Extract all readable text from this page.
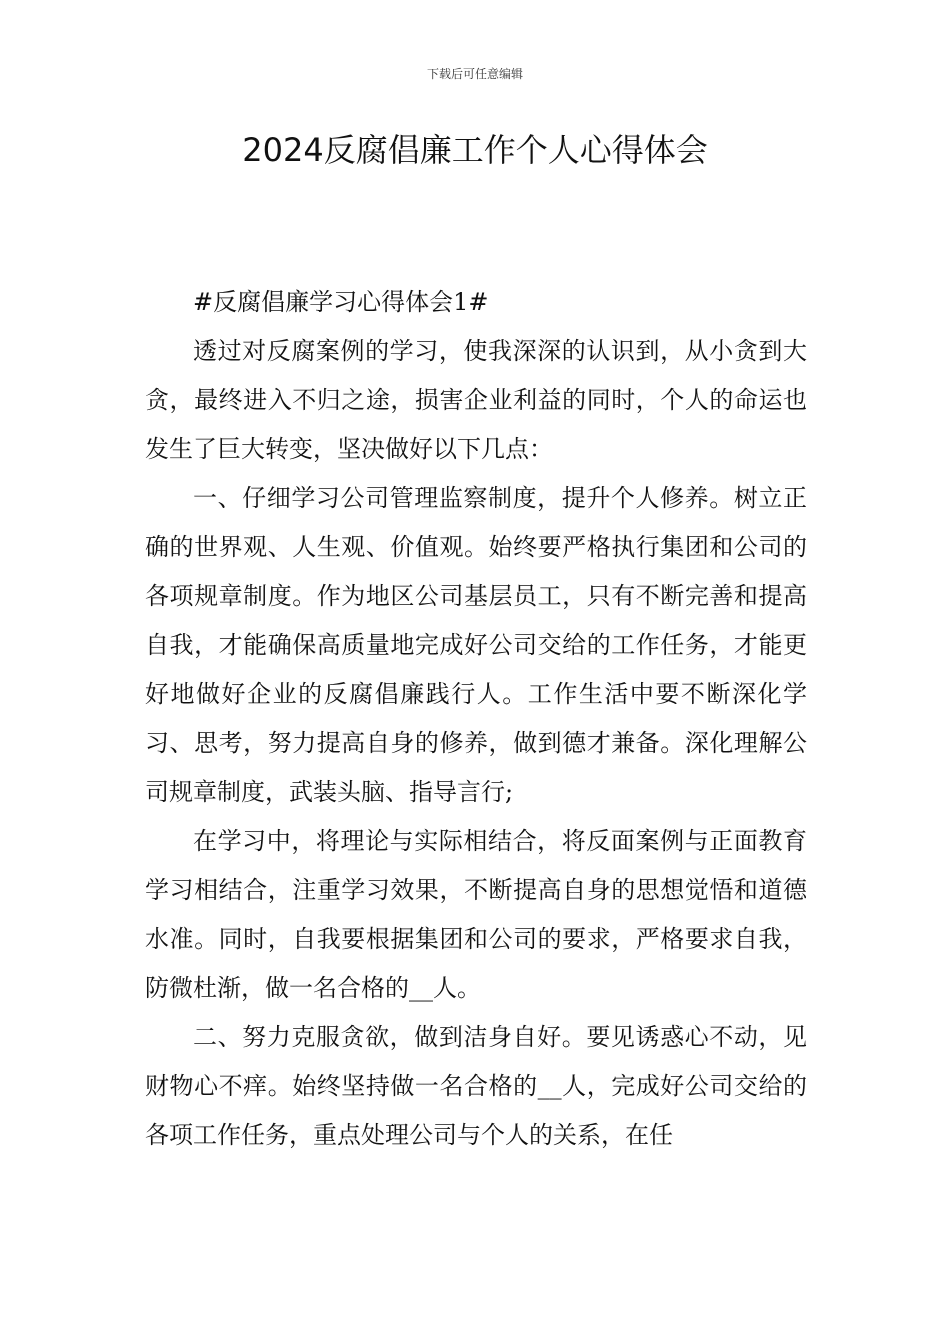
下载后可任意编辑
2024反腐倡廉工作个人心得体会

#反腐倡廉学习心得体会1#

透过对反腐案例的学习，使我深深的认识到，从小贪到大贪，最终进入不归之途，损害企业利益的同时，个人的命运也发生了巨大转变，坚决做好以下几点：

一、仔细学习公司管理监察制度，提升个人修养。树立正确的世界观、人生观、价值观。始终要严格执行集团和公司的各项规章制度。作为地区公司基层员工，只有不断完善和提高自我，才能确保高质量地完成好公司交给的工作任务，才能更好地做好企业的反腐倡廉践行人。工作生活中要不断深化学习、思考，努力提高自身的修养，做到德才兼备。深化理解公司规章制度，武装头脑、指导言行;

在学习中，将理论与实际相结合，将反面案例与正面教育学习相结合，注重学习效果，不断提高自身的思想觉悟和道德水准。同时，自我要根据集团和公司的要求，严格要求自我，防微杜渐，做一名合格的__人。

二、努力克服贪欲，做到洁身自好。要见诱惑心不动，见财物心不痒。始终坚持做一名合格的__人，完成好公司交给的各项工作任务，重点处理公司与个人的关系，在任
